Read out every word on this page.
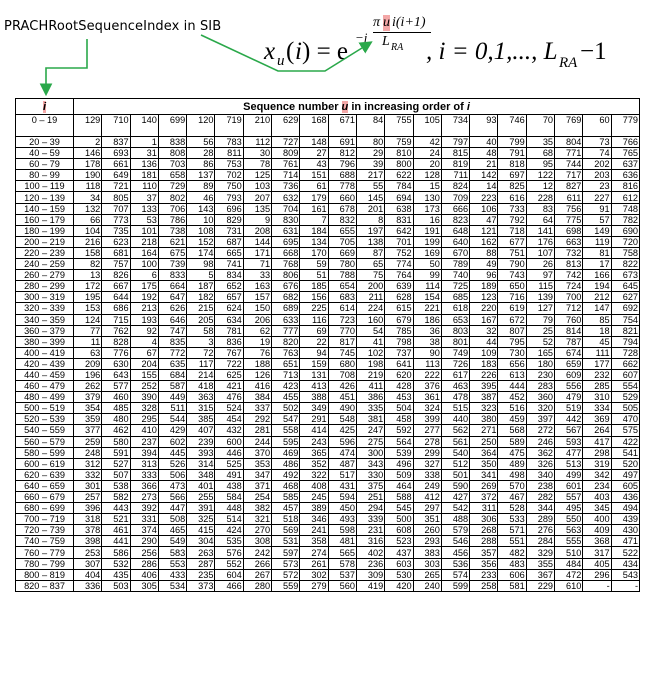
PRACHRootSequenceIndex in SIB
x u ( i ) = e
−j
π u i(i+1)
L RA , i = 0,1,..., L RA −1
i	Sequence number u in increasing order of i																			
0 – 19	129	710	140	699	120	719	210	629	168	671	84	755	105	734	93	746	70	769	60	779
20 – 39	2	837	1	838	56	783	112	727	148	691	80	759	42	797	40	799	35	804	73	766
40 – 59	146	693	31	808	28	811	30	809	27	812	29	810	24	815	48	791	68	771	74	765
60 – 79	178	661	136	703	86	753	78	761	43	796	39	800	20	819	21	818	95	744	202	637
80 – 99	190	649	181	658	137	702	125	714	151	688	217	622	128	711	142	697	122	717	203	636
100 – 119	118	721	110	729	89	750	103	736	61	778	55	784	15	824	14	825	12	827	23	816
120 – 139	34	805	37	802	46	793	207	632	179	660	145	694	130	709	223	616	228	611	227	612
140 – 159	132	707	133	706	143	696	135	704	161	678	201	638	173	666	106	733	83	756	91	748
160 – 179	66	773	53	786	10	829	9	830	7	832	8	831	16	823	47	792	64	775	57	782
180 – 199	104	735	101	738	108	731	208	631	184	655	197	642	191	648	121	718	141	698	149	690
200 – 219	216	623	218	621	152	687	144	695	134	705	138	701	199	640	162	677	176	663	119	720
220 – 239	158	681	164	675	174	665	171	668	170	669	87	752	169	670	88	751	107	732	81	758
240 – 259	82	757	100	739	98	741	71	768	59	780	65	774	50	789	49	790	26	813	17	822
260 – 279	13	826	6	833	5	834	33	806	51	788	75	764	99	740	96	743	97	742	166	673
280 – 299	172	667	175	664	187	652	163	676	185	654	200	639	114	725	189	650	115	724	194	645
300 – 319	195	644	192	647	182	657	157	682	156	683	211	628	154	685	123	716	139	700	212	627
320 – 339	153	686	213	626	215	624	150	689	225	614	224	615	221	618	220	619	127	712	147	692
340 – 359	124	715	193	646	205	634	206	633	116	723	160	679	186	653	167	672	79	760	85	754
360 – 379	77	762	92	747	58	781	62	777	69	770	54	785	36	803	32	807	25	814	18	821
380 – 399	11	828	4	835	3	836	19	820	22	817	41	798	38	801	44	795	52	787	45	794
400 – 419	63	776	67	772	72	767	76	763	94	745	102	737	90	749	109	730	165	674	111	728
420 – 439	209	630	204	635	117	722	188	651	159	680	198	641	113	726	183	656	180	659	177	662
440 – 459	196	643	155	684	214	625	126	713	131	708	219	620	222	617	226	613	230	609	232	607
460 – 479	262	577	252	587	418	421	416	423	413	426	411	428	376	463	395	444	283	556	285	554
480 – 499	379	460	390	449	363	476	384	455	388	451	386	453	361	478	387	452	360	479	310	529
500 – 519	354	485	328	511	315	524	337	502	349	490	335	504	324	515	323	516	320	519	334	505
520 – 539	359	480	295	544	385	454	292	547	291	548	381	458	399	440	380	459	397	442	369	470
540 – 559	377	462	410	429	407	432	281	558	414	425	247	592	277	562	271	568	272	567	264	575
560 – 579	259	580	237	602	239	600	244	595	243	596	275	564	278	561	250	589	246	593	417	422
580 – 599	248	591	394	445	393	446	370	469	365	474	300	539	299	540	364	475	362	477	298	541
600 – 619	312	527	313	526	314	525	353	486	352	487	343	496	327	512	350	489	326	513	319	520
620 – 639	332	507	333	506	348	491	347	492	322	517	330	509	338	501	341	498	340	499	342	497
640 – 659	301	538	366	473	401	438	371	468	408	431	375	464	249	590	269	570	238	601	234	605
660 – 679	257	582	273	566	255	584	254	585	245	594	251	588	412	427	372	467	282	557	403	436
680 – 699	396	443	392	447	391	448	382	457	389	450	294	545	297	542	311	528	344	495	345	494
700 – 719	318	521	331	508	325	514	321	518	346	493	339	500	351	488	306	533	289	550	400	439
720 – 739	378	461	374	465	415	424	270	569	241	598	231	608	260	579	268	571	276	563	409	430
740 – 759	398	441	290	549	304	535	308	531	358	481	316	523	293	546	288	551	284	555	368	471
760 – 779	253	586	256	583	263	576	242	597	274	565	402	437	383	456	357	482	329	510	317	522
780 – 799	307	532	286	553	287	552	266	573	261	578	236	603	303	536	356	483	355	484	405	434
800 – 819	404	435	406	433	235	604	267	572	302	537	309	530	265	574	233	606	367	472	296	543
820 – 837	336	503	305	534	373	466	280	559	279	560	419	420	240	599	258	581	229	610	-	-
